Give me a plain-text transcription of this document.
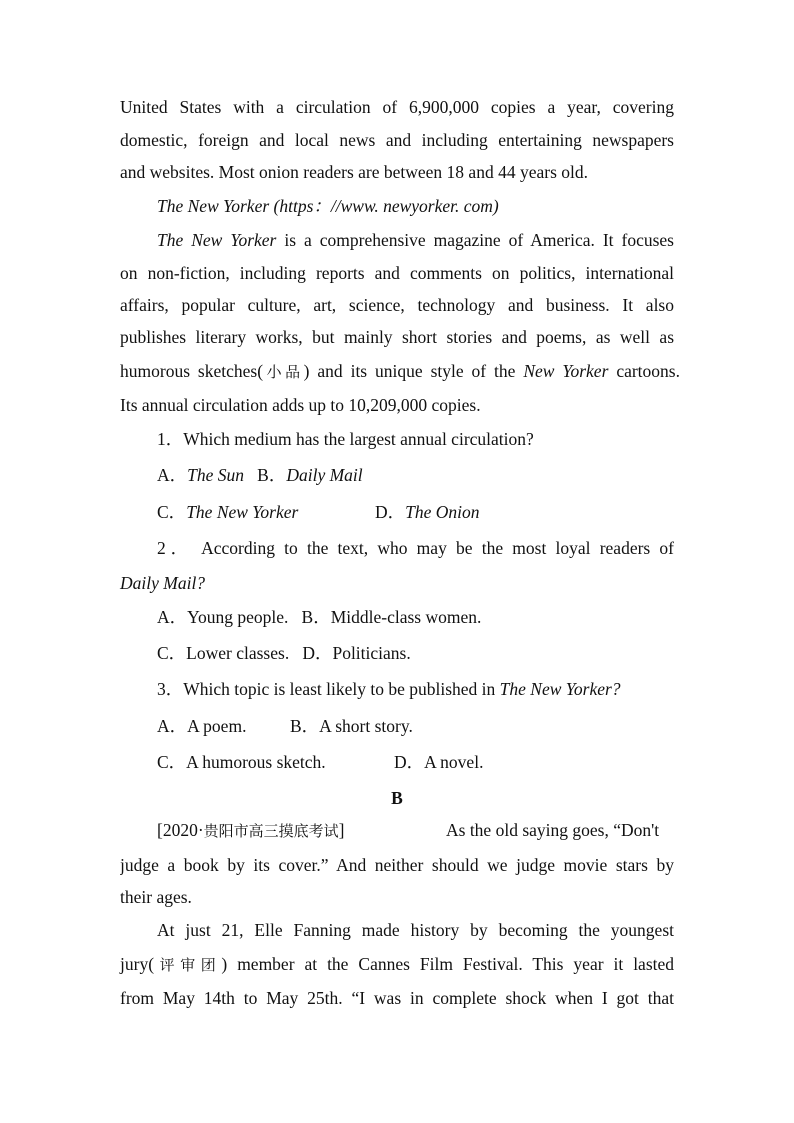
United States with a circulation of 6,900,000 copies a year, covering
domestic, foreign and local news and including entertaining newspapers
and websites. Most onion readers are between 18 and 44 years old.
The New Yorker (https：//www. newyorker. com)
The New Yorker is a comprehensive magazine of America. It focuses
on non-fiction, including reports and comments on politics, international
affairs, popular culture, art, science, technology and business. It also
publishes literary works, but mainly short stories and poems, as well as
humorous sketches(小品) and its unique style of the New Yorker cartoons.
Its annual circulation adds up to 10,209,000 copies.
1．Which medium has the largest annual circulation?
A．The Sun B．Daily Mail
C．The New Yorker	D．The Onion
2． According to the text, who may be the most loyal readers of
Daily Mail?
A．Young people. B．Middle-class women.
C．Lower classes. D．Politicians.
3．Which topic is least likely to be published in The New Yorker?
A．A poem. B．A short story.
C．A humorous sketch.	D．A novel.
B
[2020·贵阳市高三摸底考试]	As the old saying goes, “Don't
judge a book by its cover.” And neither should we judge movie stars by
their ages.
At just 21, Elle Fanning made history by becoming the youngest
jury(评审团) member at the Cannes Film Festival. This year it lasted
from May 14th to May 25th. “I was in complete shock when I got that
